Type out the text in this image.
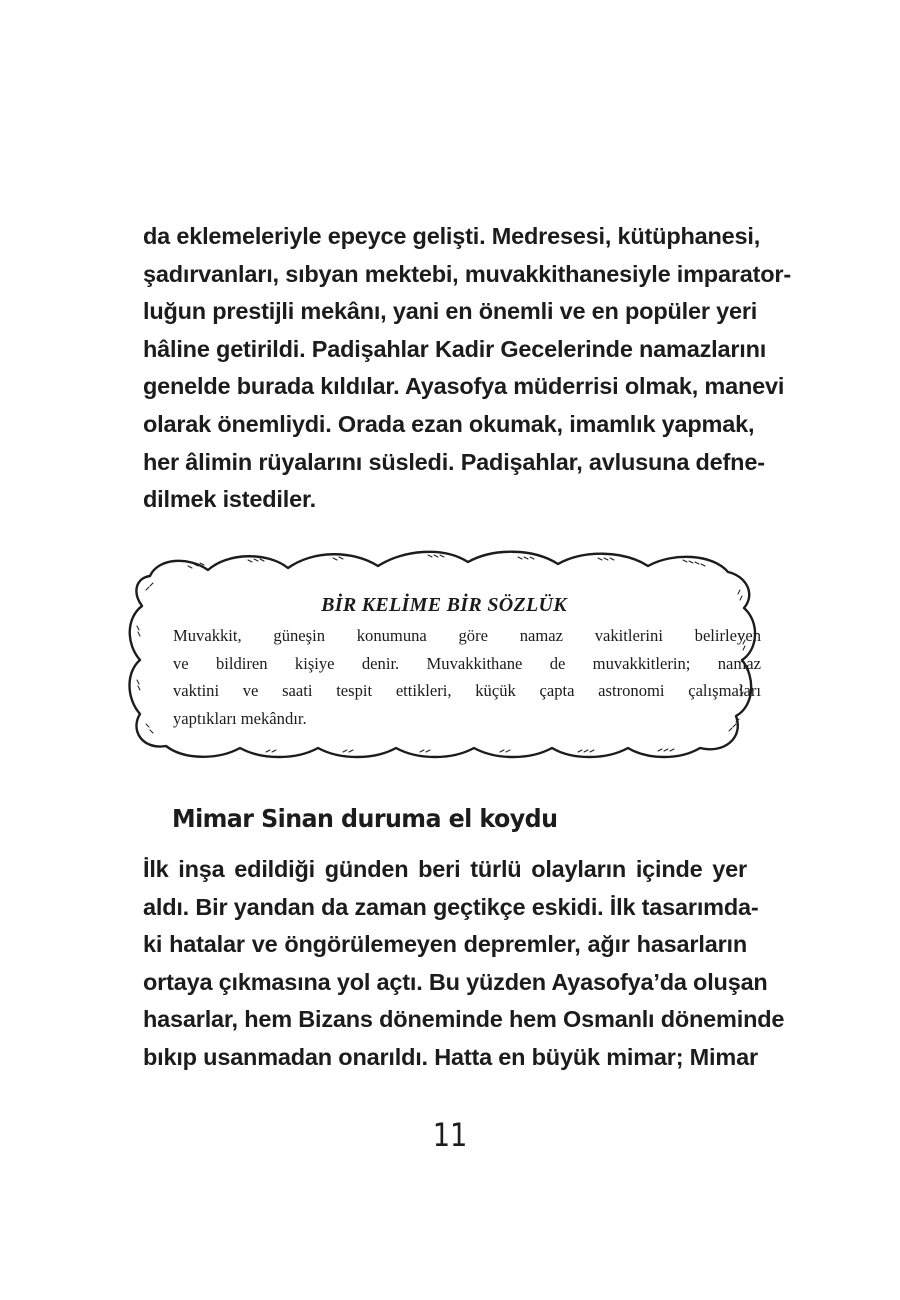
da eklemeleriyle epeyce gelişti. Medresesi, kütüphanesi,
şadırvanları, sıbyan mektebi, muvakkithanesiyle imparator-
luğun prestijli mekânı, yani en önemli ve en popüler yeri
hâline getirildi. Padişahlar Kadir Gecelerinde namazlarını
genelde burada kıldılar. Ayasofya müderrisi olmak, manevi
olarak önemliydi. Orada ezan okumak, imamlık yapmak,
her âlimin rüyalarını süsledi. Padişahlar, avlusuna defne-
dilmek istediler.

BİR KELİME BİR SÖZLÜK

Muvakkit, güneşin konumuna göre namaz vakitlerini belirleyen
ve bildiren kişiye denir. Muvakkithane de muvakkitlerin; namaz
vaktini ve saati tespit ettikleri, küçük çapta astronomi çalışmaları
yaptıkları mekândır.

Mimar Sinan duruma el koydu

İlk inşa edildiği günden beri türlü olayların içinde yer
aldı. Bir yandan da zaman geçtikçe eskidi. İlk tasarımda-
ki hatalar ve öngörülemeyen depremler, ağır hasarların
ortaya çıkmasına yol açtı. Bu yüzden Ayasofya’da oluşan
hasarlar, hem Bizans döneminde hem Osmanlı döneminde
bıkıp usanmadan onarıldı. Hatta en büyük mimar; Mimar

11
